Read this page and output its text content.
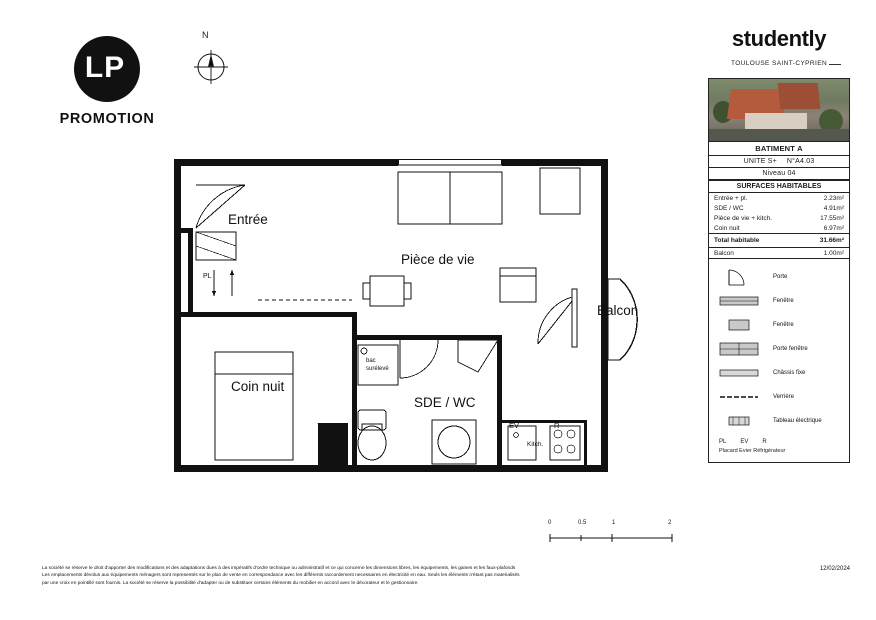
LP
PROMOTION
N
Entrée
Pièce de vie
Balcon
Coin nuit
SDE / WC
PL
bac
surélevé
EV	R
Kitch.
0	0.5	1	2
studently
TOULOUSE SAINT-CYPRIEN
BATIMENT A
UNITE S+	N°A4.03
Niveau 04
SURFACES HABITABLES
Entrée + pl.	2.23m²
SDE / WC	4.91m²
Pièce de vie + kitch.	17.55m²
Coin nuit	6.97m²
Total habitable	31.66m²
Balcon	1.00m²
Porte
Fenêtre
Fenêtre
Porte fenêtre
Châssis fixe
Verrière
Tableau électrique
PL EV R
Placard Evier Réfrigérateur
12/02/2024
La société se réserve le droit d'apporter des modifications et des adaptations dues à des impératifs d'ordre technique ou administratif et ce qui concerne les dimensions libres, les équipements, les gaines et les faux-plafonds
Les emplacements dévolus aux équipements ménagers sont representés sur le plan de vente en correspondance avec les différents raccordement necessaires en électricité en eau. Seuls les éléments n'étant pas materialisés
par une croix en pointillé sont fournis. La société se réserve la possibilité d'adapter ou de substituer certains éléments du mobilier en accord avec le décorateur et le gestionnaire.
